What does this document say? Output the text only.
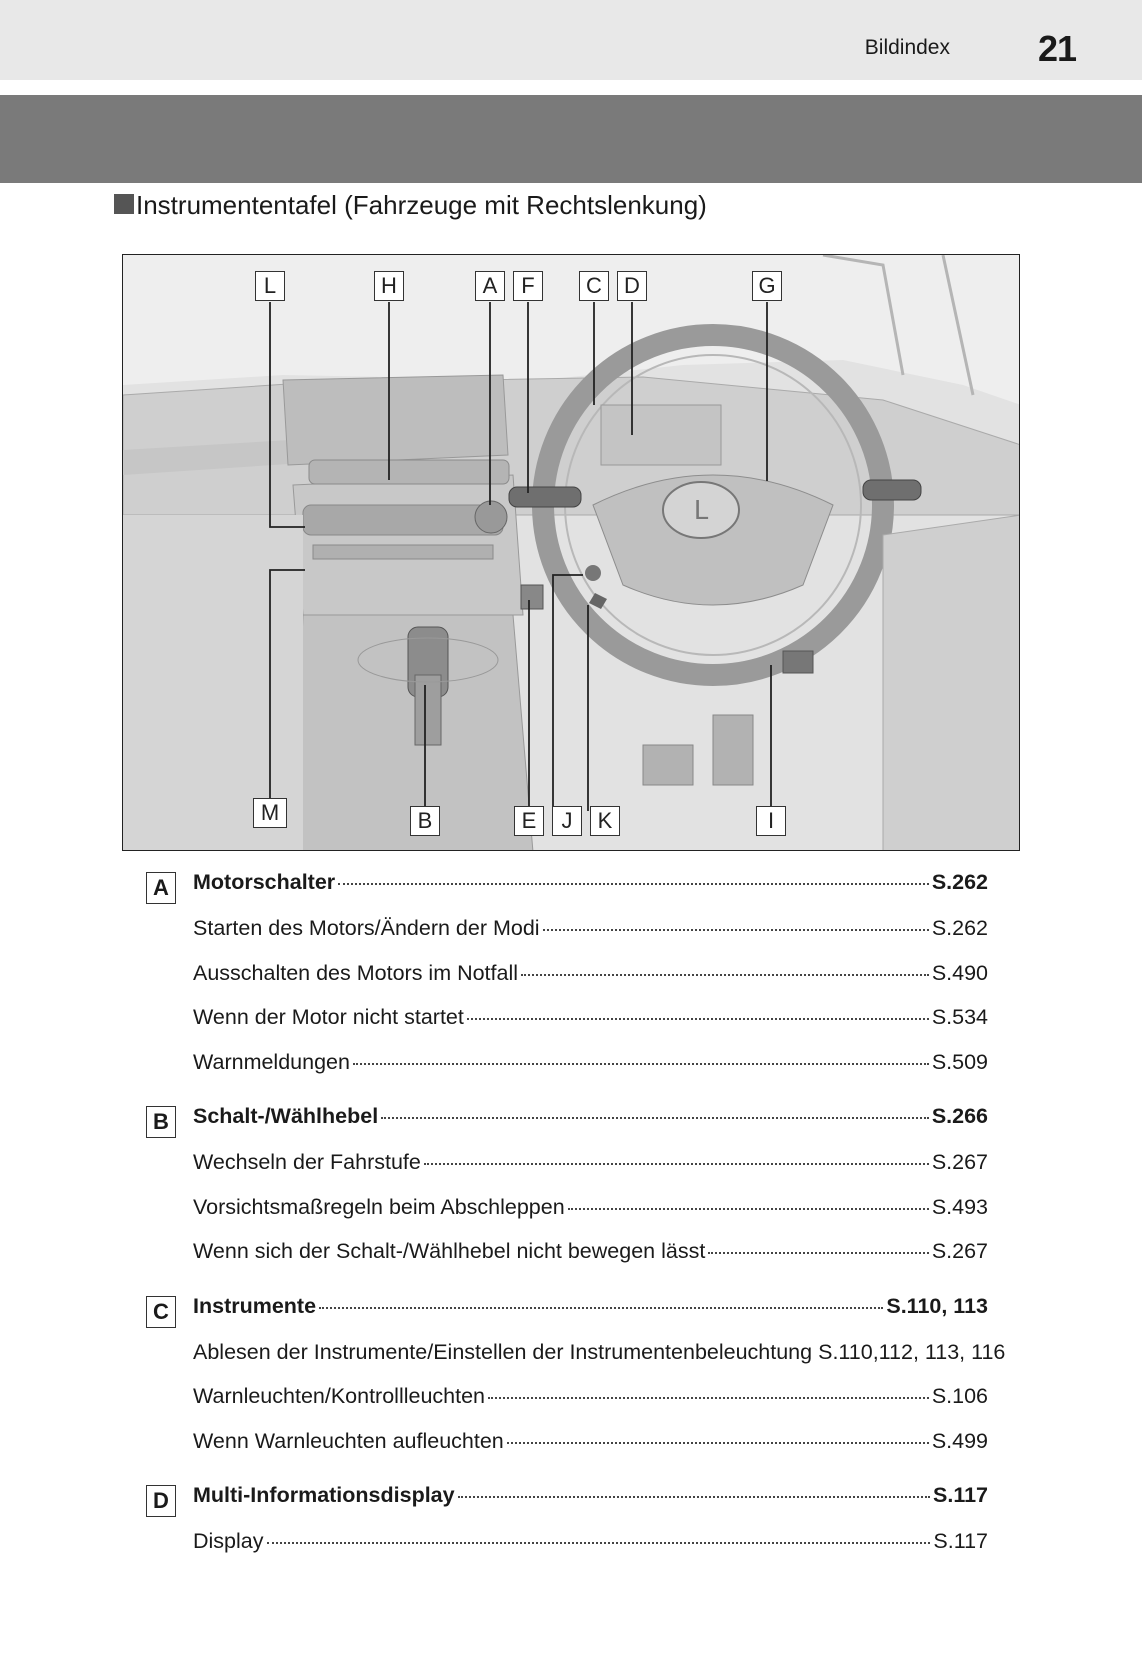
Bildindex 21
Instrumententafel (Fahrzeuge mit Rechtslenkung)
L
L	H	A	F	C	D	G
M	B	E	J	K	I
A	Motorschalter	S.262
Starten des Motors/Ändern der Modi	S.262
Ausschalten des Motors im Notfall	S.490
Wenn der Motor nicht startet	S.534
Warnmeldungen	S.509
B	Schalt-/Wählhebel	S.266
Wechseln der Fahrstufe	S.267
Vorsichtsmaßregeln beim Abschleppen	S.493
Wenn sich der Schalt-/Wählhebel nicht bewegen lässt	S.267
C	Instrumente	S.110, 113
Ablesen der Instrumente/Einstellen der Instrumentenbeleuchtung S.110,112, 113, 116
Warnleuchten/Kontrollleuchten	S.106
Wenn Warnleuchten aufleuchten	S.499
D	Multi-Informationsdisplay	S.117
Display	S.117
